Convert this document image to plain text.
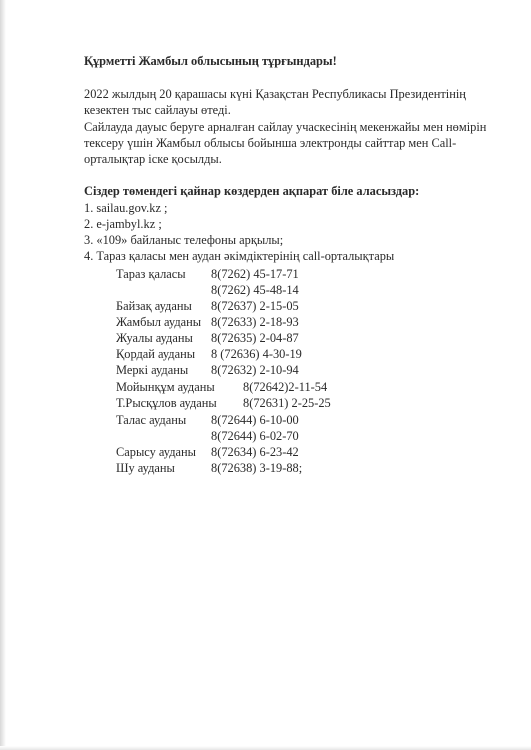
Құрметті Жамбыл облысының тұрғындары!
2022 жылдың 20 қарашасы күні Қазақстан Республикасы Президентінің
кезектен тыс сайлауы өтеді.
Сайлауда дауыс беруге арналған сайлау учаскесінің мекенжайы мен нөмірін
тексеру үшін Жамбыл облысы бойынша электронды сайттар мен Call-
орталықтар іске қосылды.
Сіздер төмендегі қайнар көздерден ақпарат біле аласыздар:
1. sailau.gov.kz ;
2. e-jambyl.kz ;
3. «109» байланыс телефоны арқылы;
4. Тараз қаласы мен аудан әкімдіктерінің call-орталықтары
Тараз қаласы 8(7262) 45-17-71
8(7262) 45-48-14
Байзақ ауданы 8(72637) 2-15-05
Жамбыл ауданы 8(72633) 2-18-93
Жуалы ауданы 8(72635) 2-04-87
Қордай ауданы 8 (72636) 4-30-19
Меркі ауданы 8(72632) 2-10-94
Мойынқұм ауданы 8(72642)2-11-54
Т.Рысқұлов ауданы 8(72631) 2-25-25
Талас ауданы 8(72644) 6-10-00
8(72644) 6-02-70
Сарысу ауданы 8(72634) 6-23-42
Шу ауданы	8(72638) 3-19-88;
